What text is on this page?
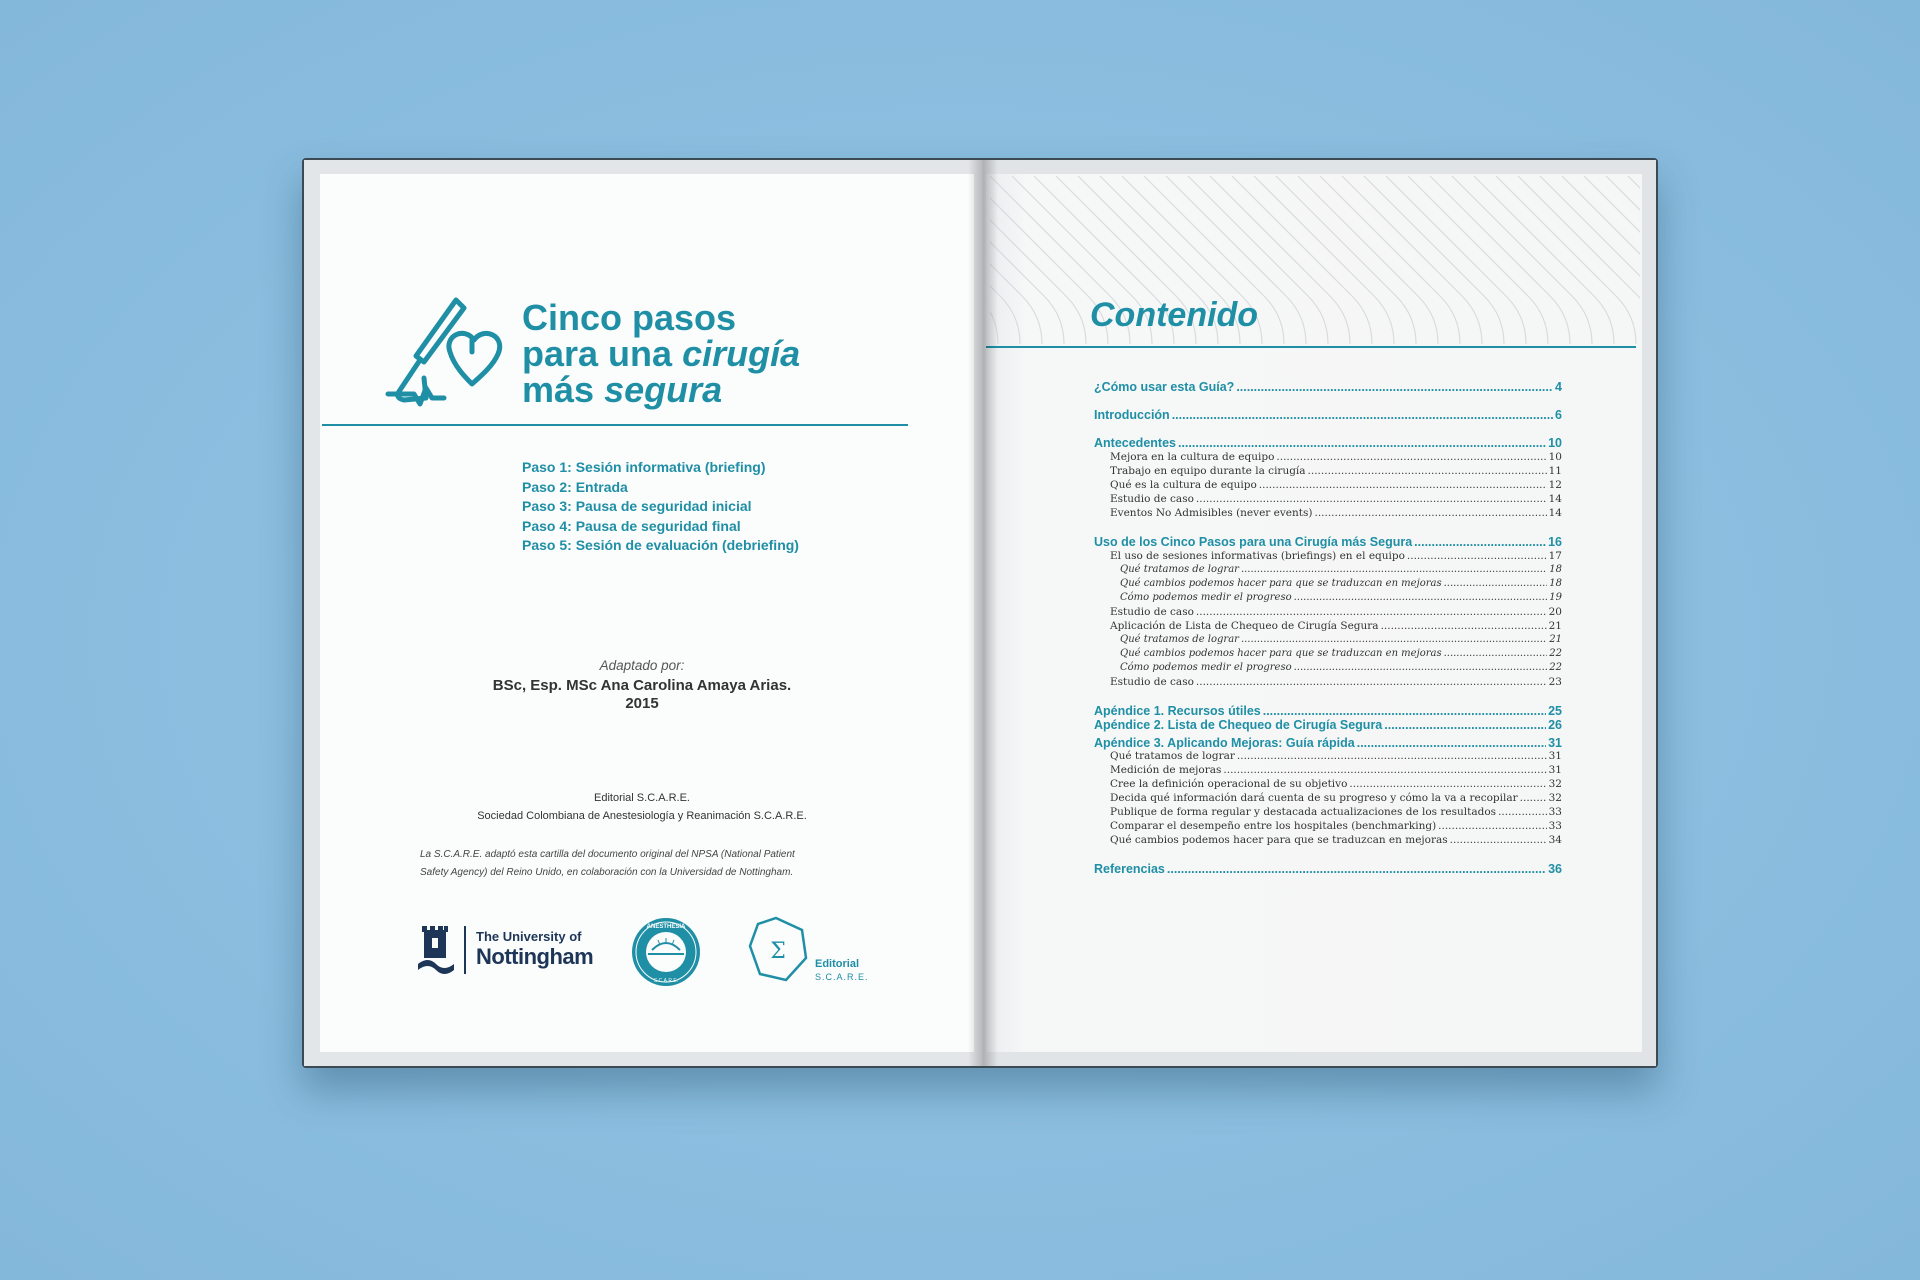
Cinco pasos
para una cirugía
más segura
Paso 1: Sesión informativa (briefing)
Paso 2: Entrada
Paso 3: Pausa de seguridad inicial
Paso 4: Pausa de seguridad final
Paso 5: Sesión de evaluación (debriefing)
Adaptado por:
BSc, Esp. MSc Ana Carolina Amaya Arias.
2015
Editorial S.C.A.R.E.
Sociedad Colombiana de Anestesiología y Reanimación S.C.A.R.E.
La S.C.A.R.E. adaptó esta cartilla del documento original del NPSA (National Patient
Safety Agency) del Reino Unido, en colaboración con la Universidad de Nottingham.
The University of
Nottingham
ANESTHESIA
S.C.A.R.E.
Σ	Editorial
S.C.A.R.E.
Contenido
¿Cómo usar esta Guía? .....	4
Introducción .....	6
Antecedentes .....	10
Mejora en la cultura de equipo .....	10
Trabajo en equipo durante la cirugía .....	11
Qué es la cultura de equipo .....	12
Estudio de caso .....	14
Eventos No Admisibles (never events) .....	14
Uso de los Cinco Pasos para una Cirugía más Segura .....	16
El uso de sesiones informativas (briefings) en el equipo .....	17
Qué tratamos de lograr .....	18
Qué cambios podemos hacer para que se traduzcan en mejoras .....	18
Cómo podemos medir el progreso .....	19
Estudio de caso .....	20
Aplicación de Lista de Chequeo de Cirugía Segura .....	21
Qué tratamos de lograr .....	21
Qué cambios podemos hacer para que se traduzcan en mejoras .....	22
Cómo podemos medir el progreso .....	22
Estudio de caso .....	23
Apéndice 1. Recursos útiles .....	25
Apéndice 2. Lista de Chequeo de Cirugía Segura .....	26
Apéndice 3. Aplicando Mejoras: Guía rápida .....	31
Qué tratamos de lograr .....	31
Medición de mejoras .....	31
Cree la definición operacional de su objetivo .....	32
Decida qué información dará cuenta de su progreso y cómo la va a recopilar .....	32
Publique de forma regular y destacada actualizaciones de los resultados .....	33
Comparar el desempeño entre los hospitales (benchmarking) .....	33
Qué cambios podemos hacer para que se traduzcan en mejoras .....	34
Referencias .....	36
